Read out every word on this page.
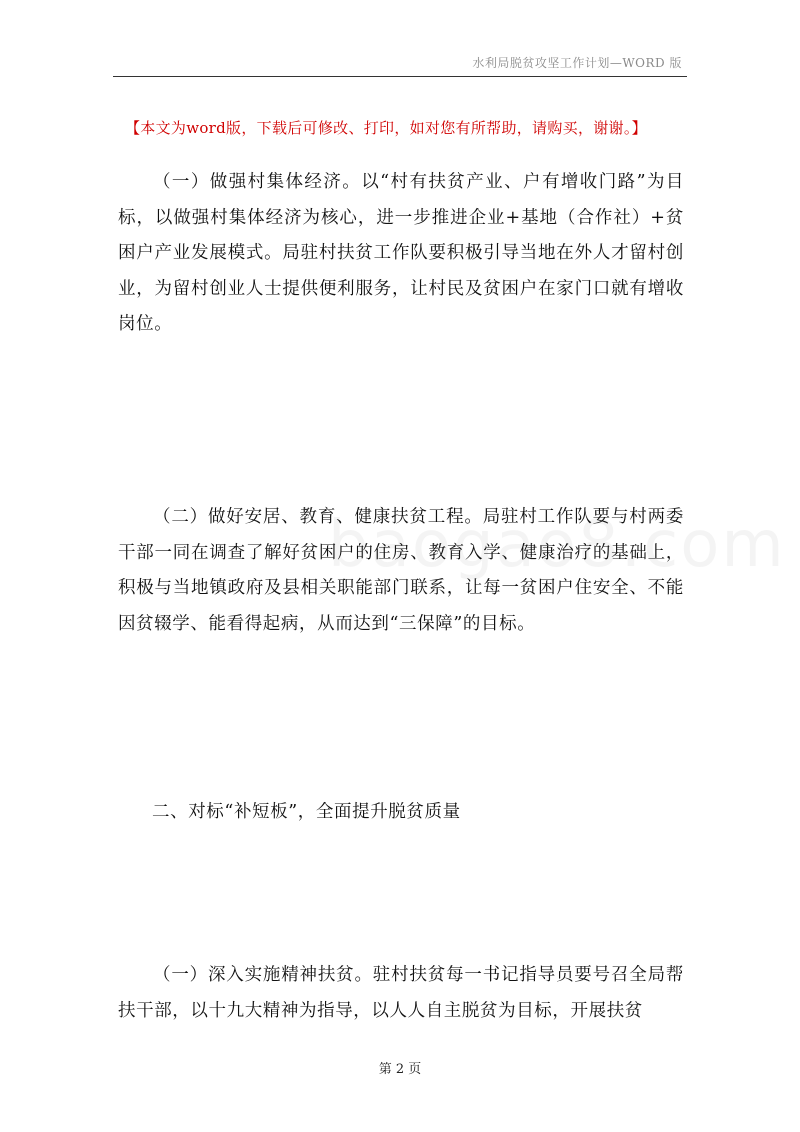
水利局脱贫攻坚工作计划—WORD 版
【本文为word版，下载后可修改、打印，如对您有所帮助，请购买，谢谢。】
（一）做强村集体经济。以“村有扶贫产业、户有增收门路”为目标，以做强村集体经济为核心，进一步推进企业+基地（合作社）+贫困户产业发展模式。局驻村扶贫工作队要积极引导当地在外人才留村创业，为留村创业人士提供便利服务，让村民及贫困户在家门口就有增收岗位。
（二）做好安居、教育、健康扶贫工程。局驻村工作队要与村两委干部一同在调查了解好贫困户的住房、教育入学、健康治疗的基础上，积极与当地镇政府及县相关职能部门联系，让每一贫困户住安全、不能因贫辍学、能看得起病，从而达到“三保障”的目标。
二、对标“补短板”，全面提升脱贫质量
（一）深入实施精神扶贫。驻村扶贫每一书记指导员要号召全局帮扶干部，以十九大精神为指导，以人人自主脱贫为目标，开展扶贫
第 2 页
